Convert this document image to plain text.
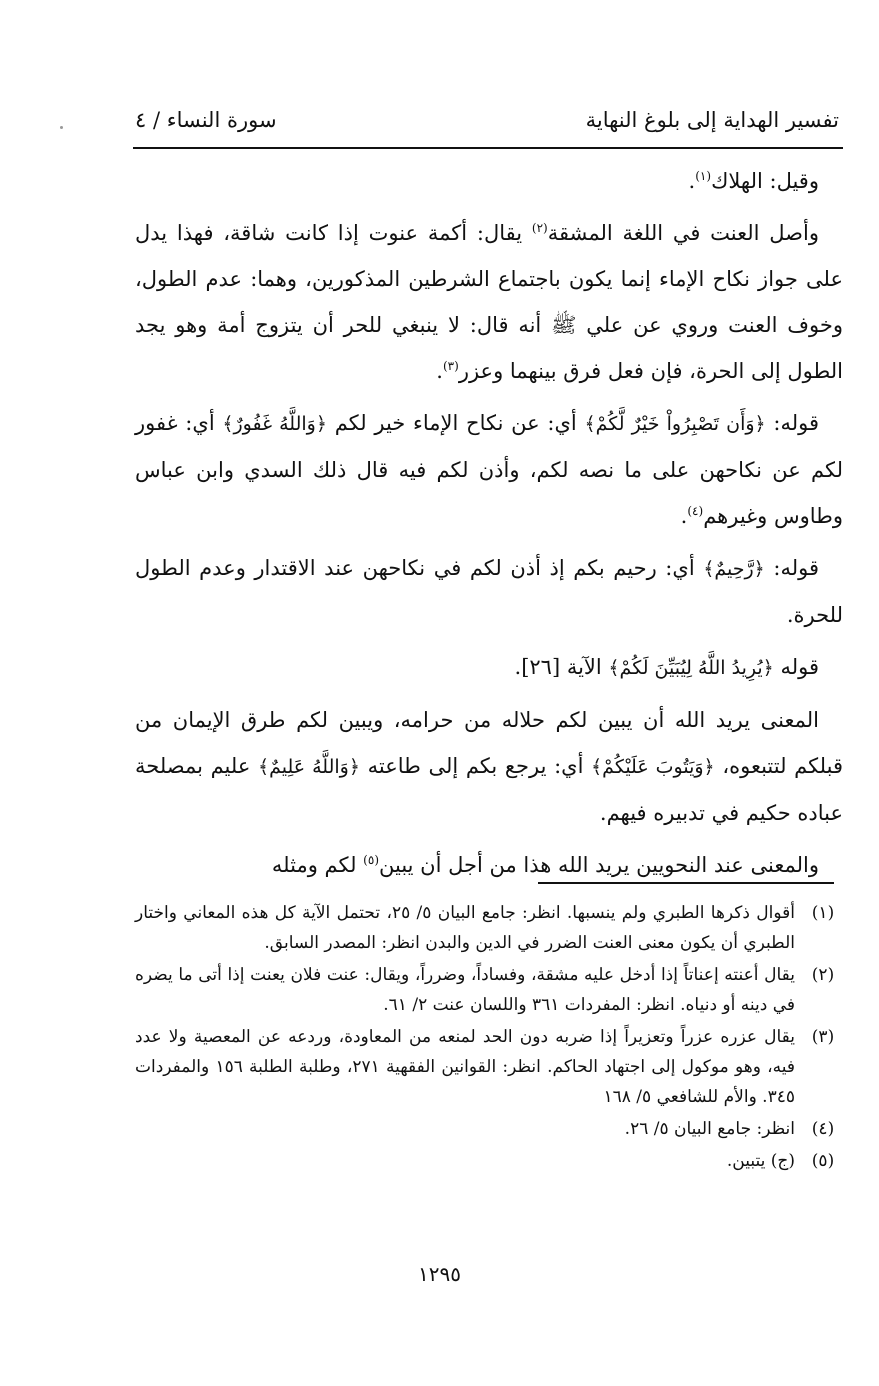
تفسير الهداية إلى بلوغ النهاية
سورة النساء / ٤

وقيل: الهلاك$^{(١)}$.

وأصل العنت في اللغة المشقة$^{(٢)}$ يقال: أكمة عنوت إذا كانت شاقة، فهذا يدل على جواز نكاح الإماء إنما يكون باجتماع الشرطين المذكورين، وهما: عدم الطول، وخوف العنت وروي عن علي ﷺ أنه قال: لا ينبغي للحر أن يتزوج أمة وهو يجد الطول إلى الحرة، فإن فعل فرق بينهما وعزر$^{(٣)}$.

قوله: ﴿وَأَن تَصْبِرُواْ خَيْرٌ لَّكُمْ﴾ أي: عن نكاح الإماء خير لكم ﴿وَاللَّهُ غَفُورٌ﴾ أي: غفور لكم عن نكاحهن على ما نصه لكم، وأذن لكم فيه قال ذلك السدي وابن عباس وطاوس وغيرهم$^{(٤)}$.

قوله: ﴿رَّحِيمٌ﴾ أي: رحيم بكم إذ أذن لكم في نكاحهن عند الاقتدار وعدم الطول للحرة.

قوله ﴿يُرِيدُ اللَّهُ لِيُبَيِّنَ لَكُمْ﴾ الآية [٢٦].

المعنى يريد الله أن يبين لكم حلاله من حرامه، ويبين لكم طرق الإيمان من قبلكم لتتبعوه، ﴿وَيَتُوبَ عَلَيْكُمْ﴾ أي: يرجع بكم إلى طاعته ﴿وَاللَّهُ عَلِيمٌ﴾ عليم بمصلحة عباده حكيم في تدبيره فيهم.

والمعنى عند النحويين يريد الله هذا من أجل أن يبين$^{(٥)}$ لكم ومثله

(١)
أقوال ذكرها الطبري ولم ينسبها. انظر: جامع البيان ٥/ ٢٥، تحتمل الآية كل هذه المعاني واختار الطبري أن يكون معنى العنت الضرر في الدين والبدن انظر: المصدر السابق.
(٢)
يقال أعنته إعناتاً إذا أدخل عليه مشقة، وفساداً، وضرراً، ويقال: عنت فلان يعنت إذا أتى ما يضره في دينه أو دنياه. انظر: المفردات ٣٦١ واللسان عنت ٢/ ٦١.
(٣)
يقال عزره عزراً وتعزيراً إذا ضربه دون الحد لمنعه من المعاودة، وردعه عن المعصية ولا عدد فيه، وهو موكول إلى اجتهاد الحاكم. انظر: القوانين الفقهية ٢٧١، وطلبة الطلبة ١٥٦ والمفردات ٣٤٥. والأم للشافعي ٥/ ١٦٨
(٤)
انظر: جامع البيان ٥/ ٢٦.
(٥)
(ج) يتبين.
١٢٩٥
